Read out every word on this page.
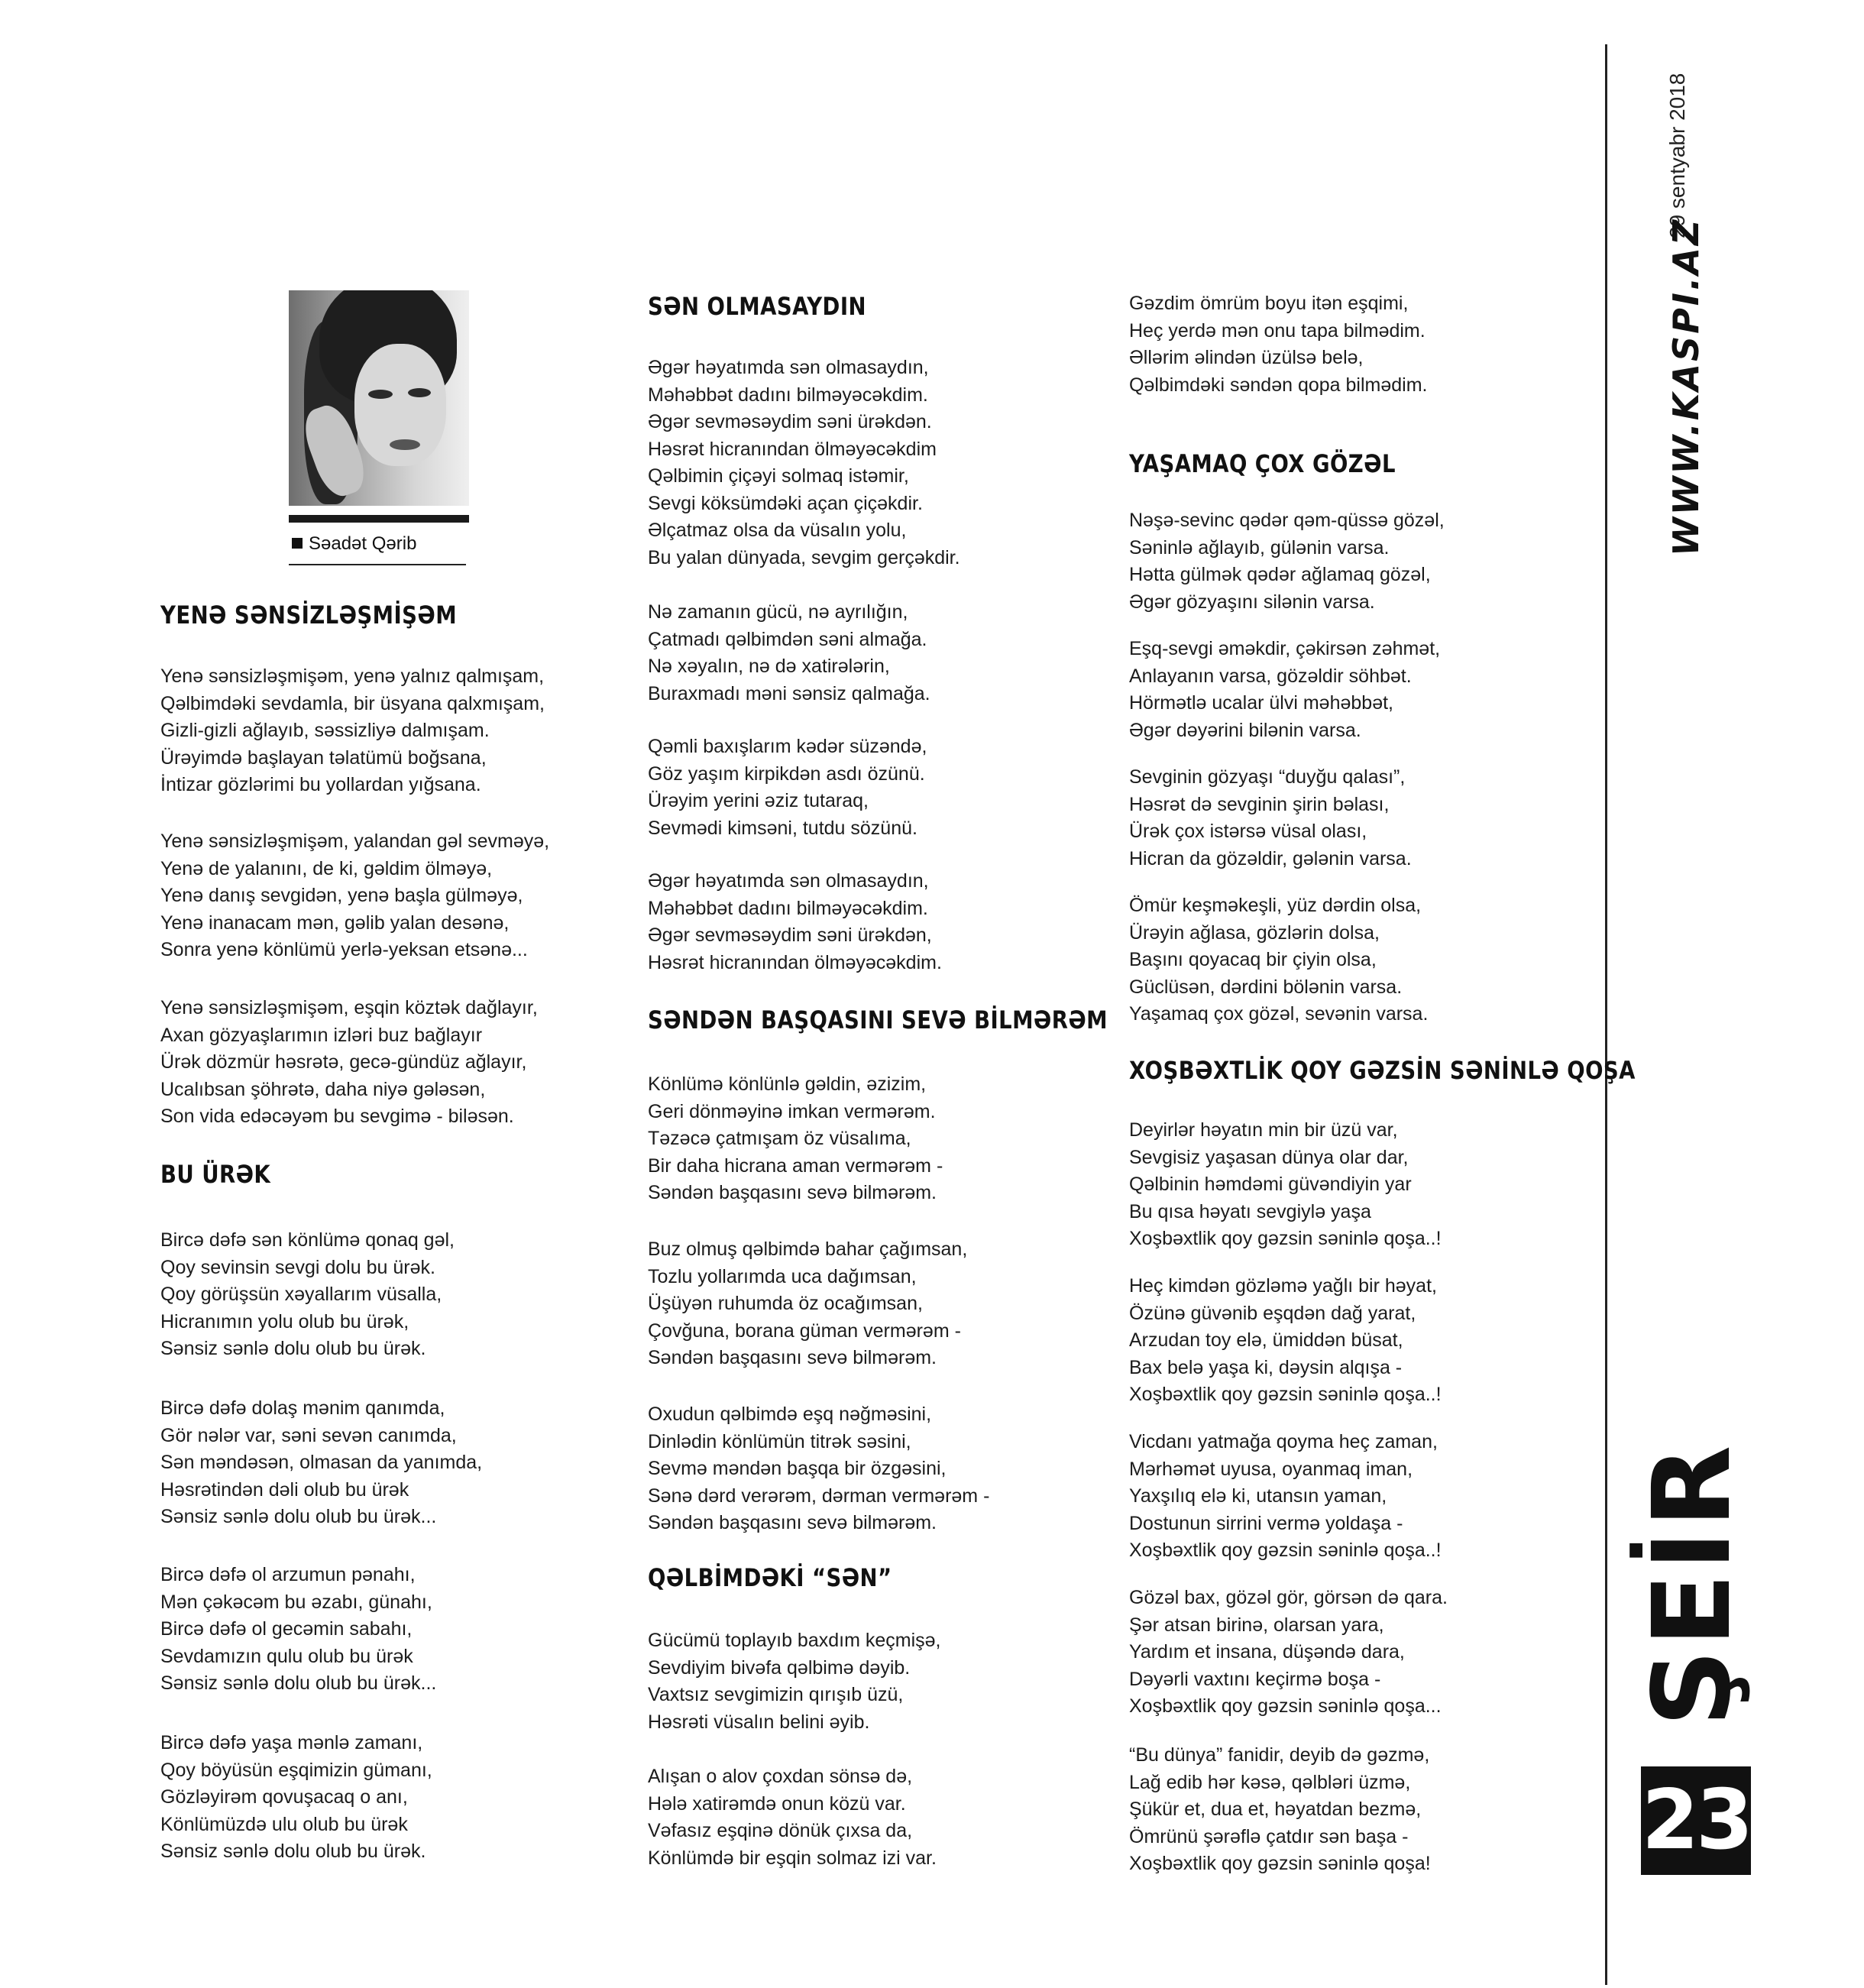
29 sentyabr 2018
WWW.KASPI.AZ
ŞEİR
23
Səadət Qərib
YENƏ SƏNSİZLƏŞMİŞƏM
Yenə sənsizləşmişəm, yenə yalnız qalmışam,
Qəlbimdəki sevdamla, bir üsyana qalxmışam,
Gizli-gizli ağlayıb, səssizliyə dalmışam.
Ürəyimdə başlayan təlatümü boğsana,
İntizar gözlərimi bu yollardan yığsana.
Yenə sənsizləşmişəm, yalandan gəl sevməyə,
Yenə de yalanını, de ki, gəldim ölməyə,
Yenə danış sevgidən, yenə başla gülməyə,
Yenə inanacam mən, gəlib yalan desənə,
Sonra yenə könlümü yerlə-yeksan etsənə...
Yenə sənsizləşmişəm, eşqin köztək dağlayır,
Axan gözyaşlarımın izləri buz bağlayır
Ürək dözmür həsrətə, gecə-gündüz ağlayır,
Ucalıbsan şöhrətə, daha niyə gələsən,
Son vida edəcəyəm bu sevgimə - biləsən.
BU ÜRƏK
Bircə dəfə sən könlümə qonaq gəl,
Qoy sevinsin sevgi dolu bu ürək.
Qoy görüşsün xəyallarım vüsalla,
Hicranımın yolu olub bu ürək,
Sənsiz sənlə dolu olub bu ürək.
Bircə dəfə dolaş mənim qanımda,
Gör nələr var, səni sevən canımda,
Sən məndəsən, olmasan da yanımda,
Həsrətindən dəli olub bu ürək
Sənsiz sənlə dolu olub bu ürək...
Bircə dəfə ol arzumun pənahı,
Mən çəkəcəm bu əzabı, günahı,
Bircə dəfə ol gecəmin sabahı,
Sevdamızın qulu olub bu ürək
Sənsiz sənlə dolu olub bu ürək...
Bircə dəfə yaşa mənlə zamanı,
Qoy böyüsün eşqimizin gümanı,
Gözləyirəm qovuşacaq o anı,
Könlümüzdə ulu olub bu ürək
Sənsiz sənlə dolu olub bu ürək.
SƏN OLMASAYDIN
Əgər həyatımda sən olmasaydın,
Məhəbbət dadını bilməyəcəkdim.
Əgər sevməsəydim səni ürəkdən.
Həsrət hicranından ölməyəcəkdim
Qəlbimin çiçəyi solmaq istəmir,
Sevgi köksümdəki açan çiçəkdir.
Əlçatmaz olsa da vüsalın yolu,
Bu yalan dünyada, sevgim gerçəkdir.
Nə zamanın gücü, nə ayrılığın,
Çatmadı qəlbimdən səni almağa.
Nə xəyalın, nə də xatirələrin,
Buraxmadı məni sənsiz qalmağa.
Qəmli baxışlarım kədər süzəndə,
Göz yaşım kirpikdən asdı özünü.
Ürəyim yerini əziz tutaraq,
Sevmədi kimsəni, tutdu sözünü.
Əgər həyatımda sən olmasaydın,
Məhəbbət dadını bilməyəcəkdim.
Əgər sevməsəydim səni ürəkdən,
Həsrət hicranından ölməyəcəkdim.
SƏNDƏN BAŞQASINI SEVƏ BİLMƏRƏM
Könlümə könlünlə gəldin, əzizim,
Geri dönməyinə imkan vermərəm.
Təzəcə çatmışam öz vüsalıma,
Bir daha hicrana aman vermərəm -
Səndən başqasını sevə bilmərəm.
Buz olmuş qəlbimdə bahar çağımsan,
Tozlu yollarımda uca dağımsan,
Üşüyən ruhumda öz ocağımsan,
Çovğuna, borana güman vermərəm -
Səndən başqasını sevə bilmərəm.
Oxudun qəlbimdə eşq nəğməsini,
Dinlədin könlümün titrək səsini,
Sevmə məndən başqa bir özgəsini,
Sənə dərd verərəm, dərman vermərəm -
Səndən başqasını sevə bilmərəm.
QƏLBİMDƏKİ “SƏN”
Gücümü toplayıb baxdım keçmişə,
Sevdiyim bivəfa qəlbimə dəyib.
Vaxtsız sevgimizin qırışıb üzü,
Həsrəti vüsalın belini əyib.
Alışan o alov çoxdan sönsə də,
Hələ xatirəmdə onun közü var.
Vəfasız eşqinə dönük çıxsa da,
Könlümdə bir eşqin solmaz izi var.
Gəzdim ömrüm boyu itən eşqimi,
Heç yerdə mən onu tapa bilmədim.
Əllərim əlindən üzülsə belə,
Qəlbimdəki səndən qopa bilmədim.
YAŞAMAQ ÇOX GÖZƏL
Nəşə-sevinc qədər qəm-qüssə gözəl,
Səninlə ağlayıb, gülənin varsa.
Hətta gülmək qədər ağlamaq gözəl,
Əgər gözyaşını silənin varsa.
Eşq-sevgi əməkdir, çəkirsən zəhmət,
Anlayanın varsa, gözəldir söhbət.
Hörmətlə ucalar ülvi məhəbbət,
Əgər dəyərini bilənin varsa.
Sevginin gözyaşı “duyğu qalası”,
Həsrət də sevginin şirin bəlası,
Ürək çox istərsə vüsal olası,
Hicran da gözəldir, gələnin varsa.
Ömür keşməkeşli, yüz dərdin olsa,
Ürəyin ağlasa, gözlərin dolsa,
Başını qoyacaq bir çiyin olsa,
Güclüsən, dərdini bölənin varsa.
Yaşamaq çox gözəl, sevənin varsa.
XOŞBƏXTLİK QOY GƏZSİN SƏNİNLƏ QOŞA
Deyirlər həyatın min bir üzü var,
Sevgisiz yaşasan dünya olar dar,
Qəlbinin həmdəmi güvəndiyin yar
Bu qısa həyatı sevgiylə yaşa
Xoşbəxtlik qoy gəzsin səninlə qoşa..!
Heç kimdən gözləmə yağlı bir həyat,
Özünə güvənib eşqdən dağ yarat,
Arzudan toy elə, ümiddən büsat,
Bax belə yaşa ki, dəysin alqışa -
Xoşbəxtlik qoy gəzsin səninlə qoşa..!
Vicdanı yatmağa qoyma heç zaman,
Mərhəmət uyusa, oyanmaq iman,
Yaxşılıq elə ki, utansın yaman,
Dostunun sirrini vermə yoldaşa -
Xoşbəxtlik qoy gəzsin səninlə qoşa..!
Gözəl bax, gözəl gör, görsən də qara.
Şər atsan birinə, olarsan yara,
Yardım et insana, düşəndə dara,
Dəyərli vaxtını keçirmə boşa -
Xoşbəxtlik qoy gəzsin səninlə qoşa...
“Bu dünya” fanidir, deyib də gəzmə,
Lağ edib hər kəsə, qəlbləri üzmə,
Şükür et, dua et, həyatdan bezmə,
Ömrünü şərəflə çatdır sən başa -
Xoşbəxtlik qoy gəzsin səninlə qoşa!
